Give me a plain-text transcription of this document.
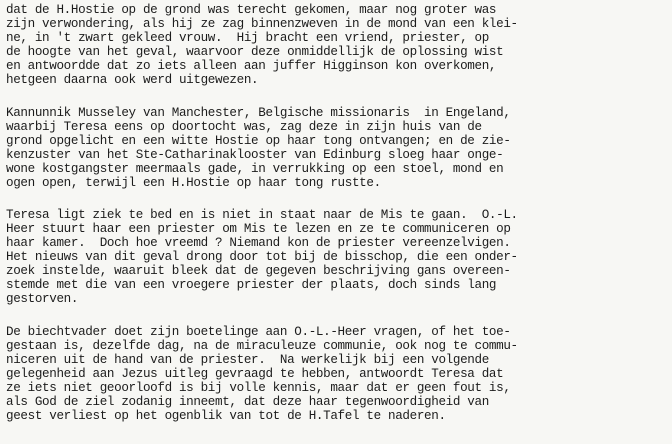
dat de H.Hostie op de grond was terecht gekomen, maar nog groter was
zijn verwondering, als hij ze zag binnenzweven in de mond van een klei-
ne, in 't zwart gekleed vrouw.  Hij bracht een vriend, priester, op
de hoogte van het geval, waarvoor deze onmiddellijk de oplossing wist
en antwoordde dat zo iets alleen aan juffer Higginson kon overkomen,
hetgeen daarna ook werd uitgewezen.
Kannunnik Musseley van Manchester, Belgische missionaris  in Engeland,
waarbij Teresa eens op doortocht was, zag deze in zijn huis van de
grond opgelicht en een witte Hostie op haar tong ontvangen; en de zie-
kenzuster van het Ste-Catharinaklooster van Edinburg sloeg haar onge-
wone kostgangster meermaals gade, in verrukking op een stoel, mond en
ogen open, terwijl een H.Hostie op haar tong rustte.
Teresa ligt ziek te bed en is niet in staat naar de Mis te gaan.  O.-L.
Heer stuurt haar een priester om Mis te lezen en ze te communiceren op
haar kamer.  Doch hoe vreemd ? Niemand kon de priester vereenzelvigen.
Het nieuws van dit geval drong door tot bij de bisschop, die een onder-
zoek instelde, waaruit bleek dat de gegeven beschrijving gans overeen-
stemde met die van een vroegere priester der plaats, doch sinds lang
gestorven.
De biechtvader doet zijn boetelinge aan O.-L.-Heer vragen, of het toe-
gestaan is, dezelfde dag, na de miraculeuze communie, ook nog te commu-
niceren uit de hand van de priester.  Na werkelijk bij een volgende
gelegenheid aan Jezus uitleg gevraagd te hebben, antwoordt Teresa dat
ze iets niet geoorloofd is bij volle kennis, maar dat er geen fout is,
als God de ziel zodanig inneemt, dat deze haar tegenwoordigheid van
geest verliest op het ogenblik van tot de H.Tafel te naderen.
